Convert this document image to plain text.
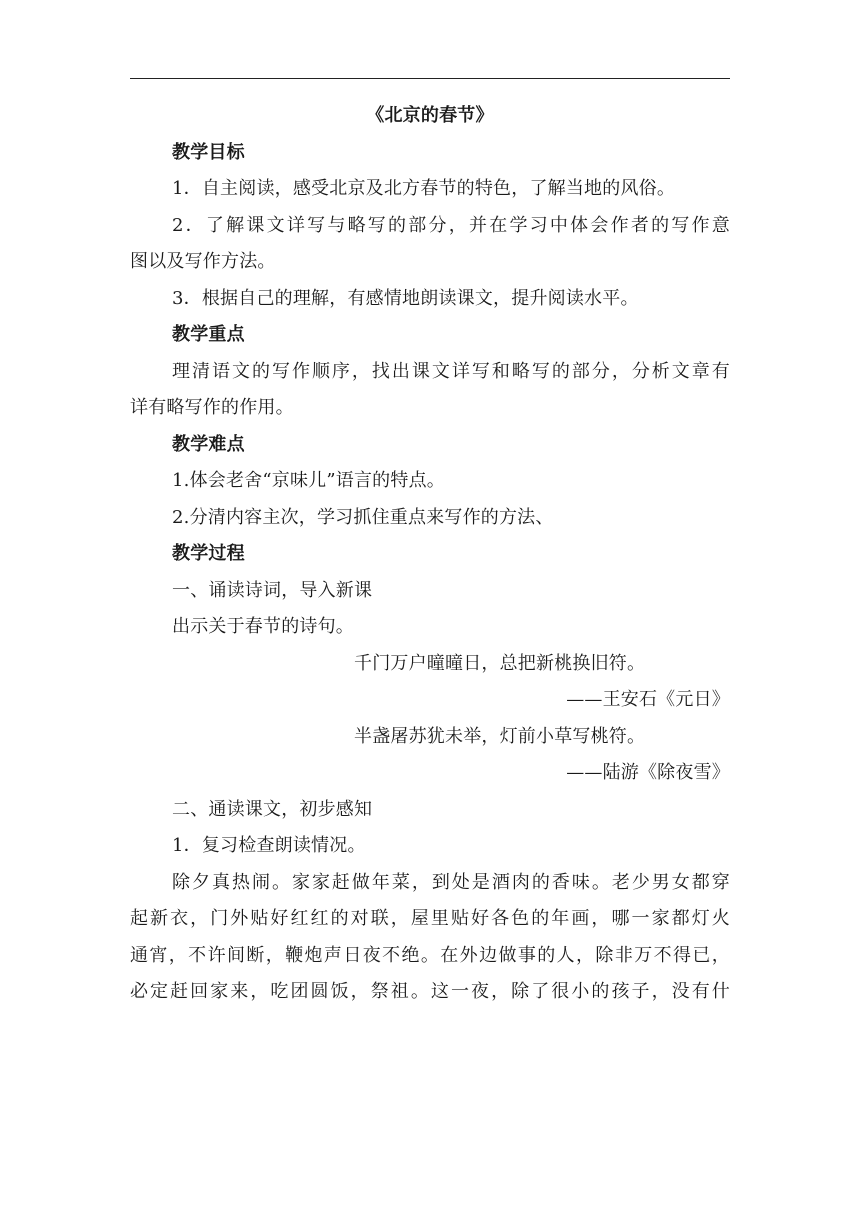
《北京的春节》
教学目标
1．自主阅读，感受北京及北方春节的特色，了解当地的风俗。
2．了解课文详写与略写的部分，并在学习中体会作者的写作意
图以及写作方法。
3．根据自己的理解，有感情地朗读课文，提升阅读水平。
教学重点
理清语文的写作顺序，找出课文详写和略写的部分，分析文章有
详有略写作的作用。
教学难点
1.体会老舍“京味儿”语言的特点。
2.分清内容主次，学习抓住重点来写作的方法、
教学过程
一、诵读诗词，导入新课
出示关于春节的诗句。
千门万户曈曈日，总把新桃换旧符。
——王安石《元日》
半盏屠苏犹未举，灯前小草写桃符。
——陆游《除夜雪》
二、通读课文，初步感知
1．复习检查朗读情况。
除夕真热闹。家家赶做年菜，到处是酒肉的香味。老少男女都穿
起新衣，门外贴好红红的对联，屋里贴好各色的年画，哪一家都灯火
通宵，不许间断，鞭炮声日夜不绝。在外边做事的人，除非万不得已，
必定赶回家来，吃团圆饭，祭祖。这一夜，除了很小的孩子，没有什
